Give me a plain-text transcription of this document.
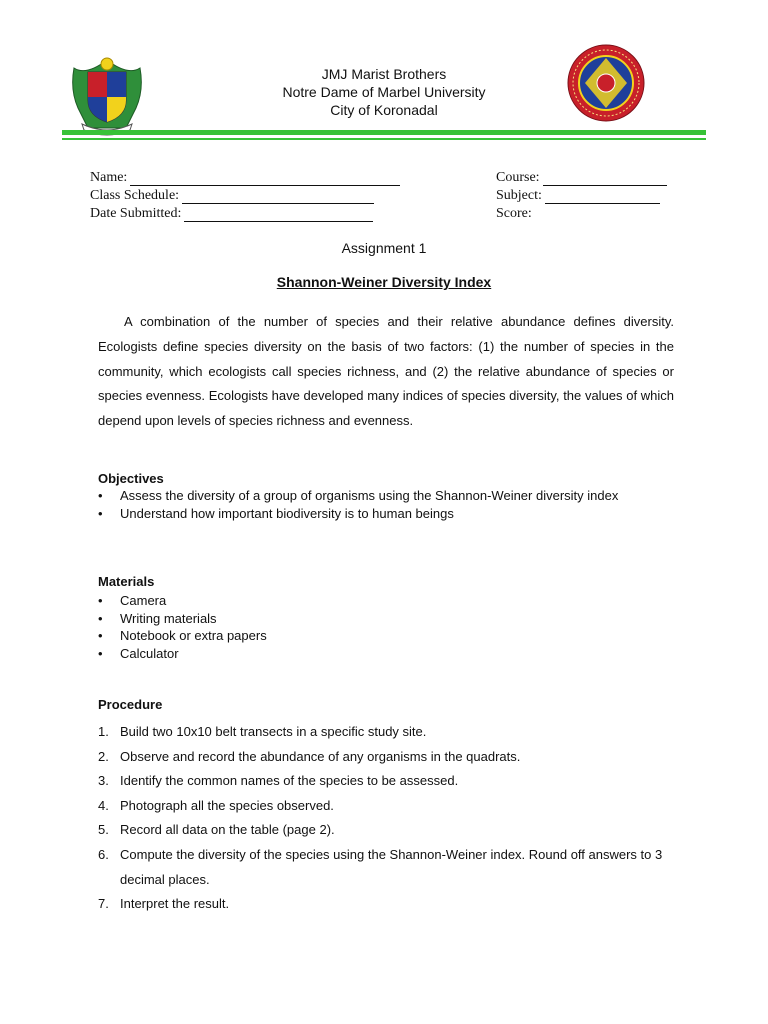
JMJ Marist Brothers
Notre Dame of Marbel University
City of Koronadal
Name:
Class Schedule:
Date Submitted:
Course:
Subject:
Score:
Assignment 1
Shannon-Weiner Diversity Index

A combination of the number of species and their relative abundance defines diversity. Ecologists define species diversity on the basis of two factors: (1) the number of species in the community, which ecologists call species richness, and (2) the relative abundance of species or species evenness. Ecologists have developed many indices of species diversity, the values of which depend upon levels of species richness and evenness.

Objectives
• Assess the diversity of a group of organisms using the Shannon-Weiner diversity index
• Understand how important biodiversity is to human beings
Materials
• Camera
• Writing materials
• Notebook or extra papers
• Calculator
Procedure
1. Build two 10x10 belt transects in a specific study site.
2. Observe and record the abundance of any organisms in the quadrats.
3. Identify the common names of the species to be assessed.
4. Photograph all the species observed.
5. Record all data on the table (page 2).
6. Compute the diversity of the species using the Shannon-Weiner index. Round off answers to 3 decimal places.
7. Interpret the result.
